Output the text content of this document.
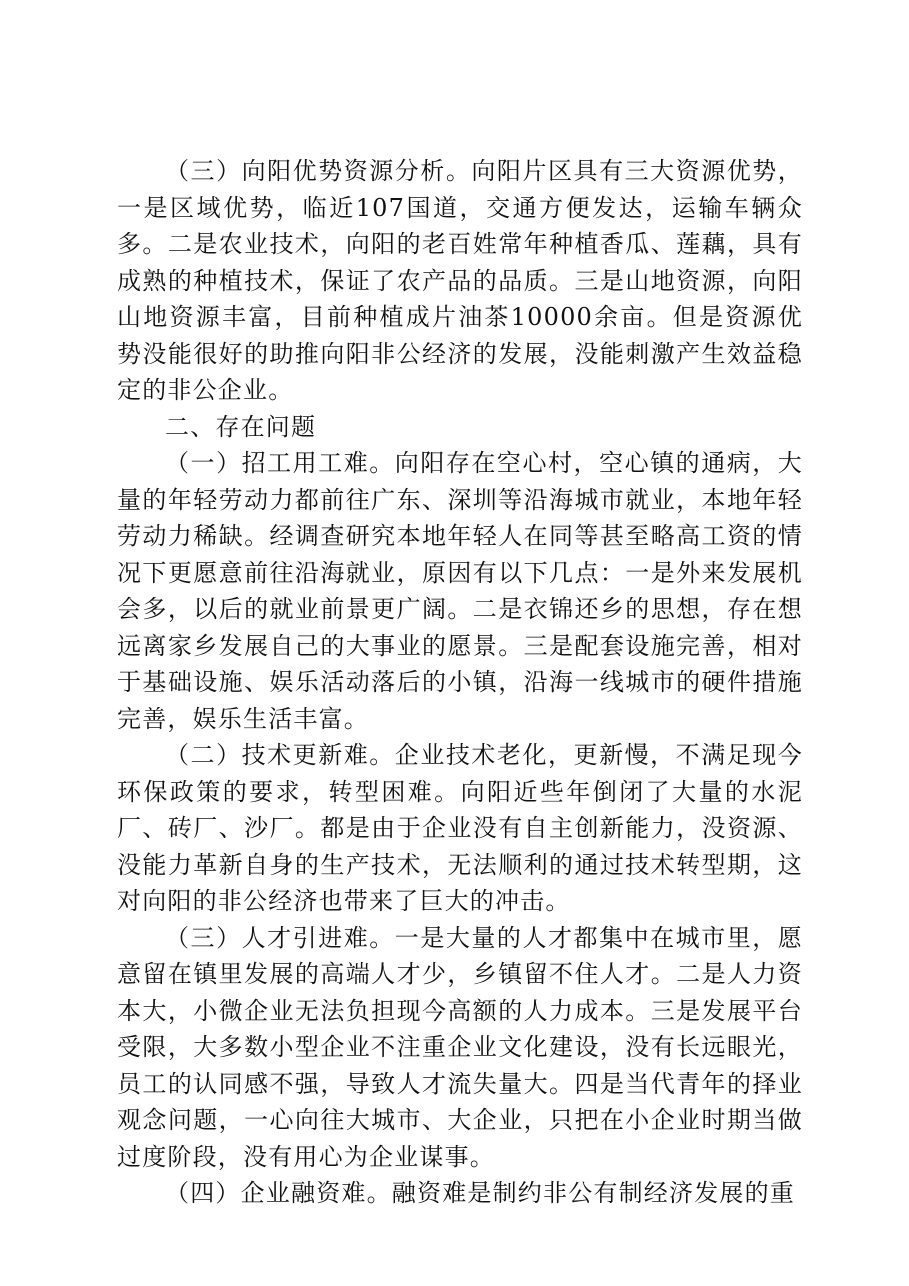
（三）向阳优势资源分析。向阳片区具有三大资源优势，一是区域优势，临近107国道，交通方便发达，运输车辆众多。二是农业技术，向阳的老百姓常年种植香瓜、莲藕，具有成熟的种植技术，保证了农产品的品质。三是山地资源，向阳山地资源丰富，目前种植成片油茶10000余亩。但是资源优势没能很好的助推向阳非公经济的发展，没能刺激产生效益稳定的非公企业。

二、存在问题

（一）招工用工难。向阳存在空心村，空心镇的通病，大量的年轻劳动力都前往广东、深圳等沿海城市就业，本地年轻劳动力稀缺。经调查研究本地年轻人在同等甚至略高工资的情况下更愿意前往沿海就业，原因有以下几点：一是外来发展机会多，以后的就业前景更广阔。二是衣锦还乡的思想，存在想远离家乡发展自己的大事业的愿景。三是配套设施完善，相对于基础设施、娱乐活动落后的小镇，沿海一线城市的硬件措施完善，娱乐生活丰富。

（二）技术更新难。企业技术老化，更新慢，不满足现今环保政策的要求，转型困难。向阳近些年倒闭了大量的水泥厂、砖厂、沙厂。都是由于企业没有自主创新能力，没资源、没能力革新自身的生产技术，无法顺利的通过技术转型期，这对向阳的非公经济也带来了巨大的冲击。

（三）人才引进难。一是大量的人才都集中在城市里，愿意留在镇里发展的高端人才少，乡镇留不住人才。二是人力资本大，小微企业无法负担现今高额的人力成本。三是发展平台受限，大多数小型企业不注重企业文化建设，没有长远眼光，员工的认同感不强，导致人才流失量大。四是当代青年的择业观念问题，一心向往大城市、大企业，只把在小企业时期当做过度阶段，没有用心为企业谋事。

（四）企业融资难。融资难是制约非公有制经济发展的重
